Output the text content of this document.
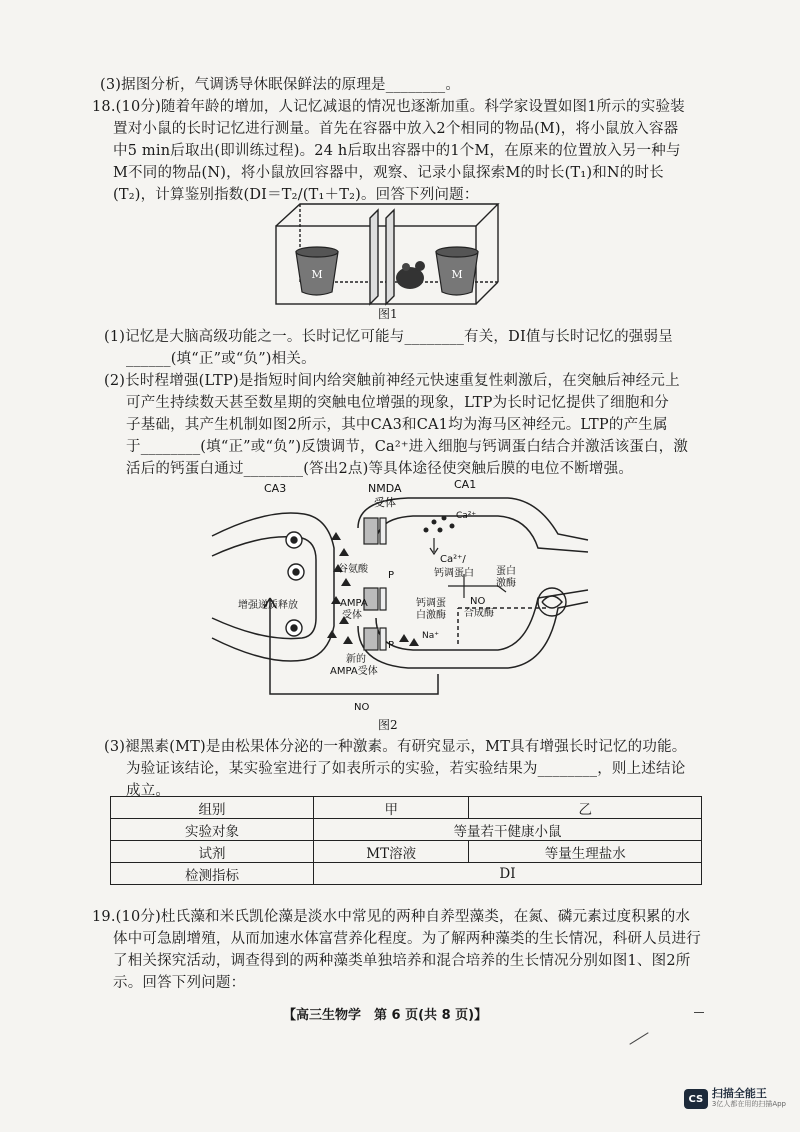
(3)据图分析，气调诱导休眠保鲜法的原理是________。
18.(10分)随着年龄的增加，人记忆减退的情况也逐渐加重。科学家设置如图1所示的实验装
置对小鼠的长时记忆进行测量。首先在容器中放入2个相同的物品(M)，将小鼠放入容器
中5 min后取出(即训练过程)。24 h后取出容器中的1个M，在原来的位置放入另一种与
M不同的物品(N)，将小鼠放回容器中，观察、记录小鼠探索M的时长(T₁)和N的时长
(T₂)，计算鉴别指数(DI＝T₂/(T₁＋T₂)。回答下列问题：
M	M
图1
(1)记忆是大脑高级功能之一。长时记忆可能与________有关，DI值与长时记忆的强弱呈
______(填“正”或“负”)相关。
(2)长时程增强(LTP)是指短时间内给突触前神经元快速重复性刺激后，在突触后神经元上
可产生持续数天甚至数星期的突触电位增强的现象，LTP为长时记忆提供了细胞和分
子基础，其产生机制如图2所示，其中CA3和CA1均为海马区神经元。LTP的产生属
于________(填“正”或“负”)反馈调节，Ca²⁺进入细胞与钙调蛋白结合并激活该蛋白，激
活后的钙蛋白通过________(答出2点)等具体途径使突触后膜的电位不断增强。
CA3	CA1
NMDA
受体
Ca²⁺
Ca²⁺/
钙调蛋白
谷氨酸
P
P
AMPA
受体
钙调蛋
白激酶
NO
合成酶
蛋白
激酶
Na⁺
新的
AMPA受体
增强递质释放
NO
图2
(3)褪黑素(MT)是由松果体分泌的一种激素。有研究显示，MT具有增强长时记忆的功能。
为验证该结论，某实验室进行了如表所示的实验，若实验结果为________，则上述结论
成立。
组别	甲	乙
实验对象	等量若干健康小鼠	
试剂	MT溶液	等量生理盐水
检测指标	DI	
19.(10分)杜氏藻和米氏凯伦藻是淡水中常见的两种自养型藻类，在氮、磷元素过度积累的水
体中可急剧增殖，从而加速水体富营养化程度。为了解两种藻类的生长情况，科研人员进行
了相关探究活动，调查得到的两种藻类单独培养和混合培养的生长情况分别如图1、图2所
示。回答下列问题：
【高三生物学　第 6 页(共 8 页)】
CS 扫描全能王
3亿人都在用的扫描App
